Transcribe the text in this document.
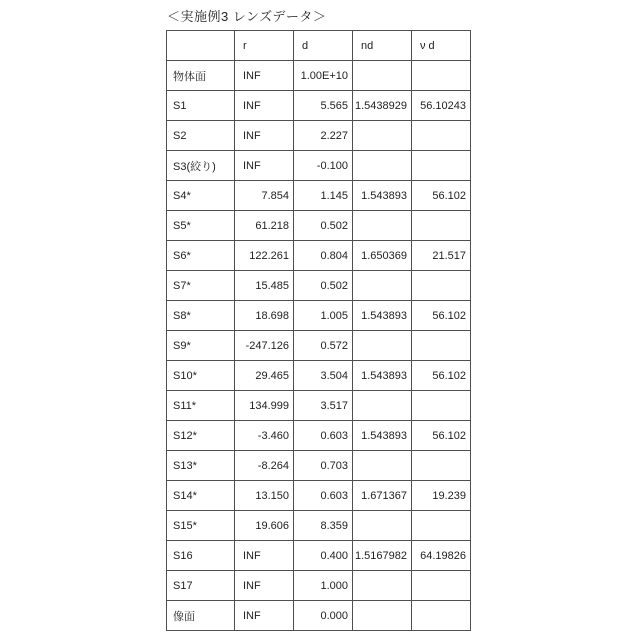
＜実施例3 レンズデータ＞
	r	d	nd	ν d
物体面	INF	1.00E+10		
S1	INF	5.565	1.5438929	56.10243
S2	INF	2.227		
S3(絞り)	INF	-0.100		
S4*	7.854	1.145	1.543893	56.102
S5*	61.218	0.502		
S6*	122.261	0.804	1.650369	21.517
S7*	15.485	0.502		
S8*	18.698	1.005	1.543893	56.102
S9*	-247.126	0.572		
S10*	29.465	3.504	1.543893	56.102
S11*	134.999	3.517		
S12*	-3.460	0.603	1.543893	56.102
S13*	-8.264	0.703		
S14*	13.150	0.603	1.671367	19.239
S15*	19.606	8.359		
S16	INF	0.400	1.5167982	64.19826
S17	INF	1.000		
像面	INF	0.000		
